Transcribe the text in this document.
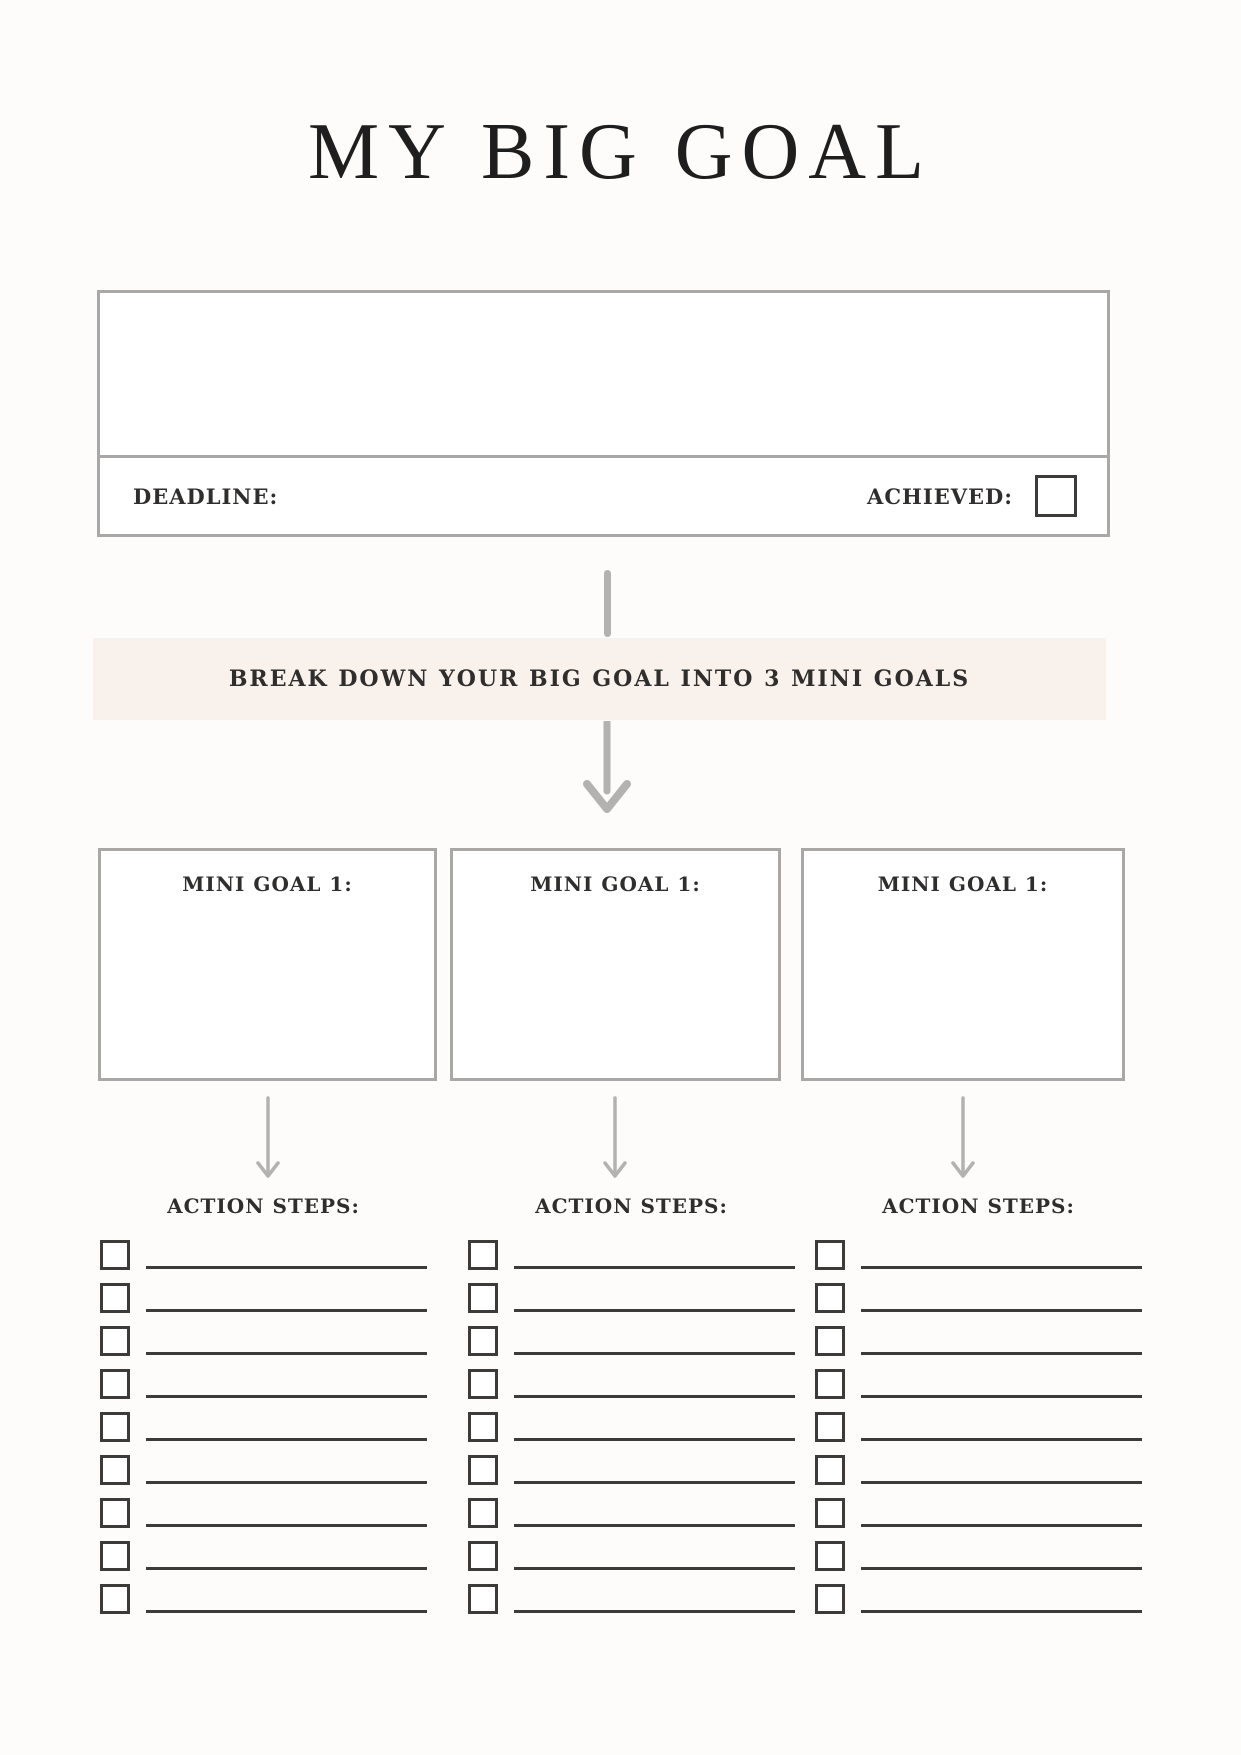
MY BIG GOAL
DEADLINE:	ACHIEVED:
BREAK DOWN YOUR BIG GOAL INTO 3 MINI GOALS
MINI GOAL 1:	MINI GOAL 1:	MINI GOAL 1:
ACTION STEPS:	ACTION STEPS:	ACTION STEPS:
